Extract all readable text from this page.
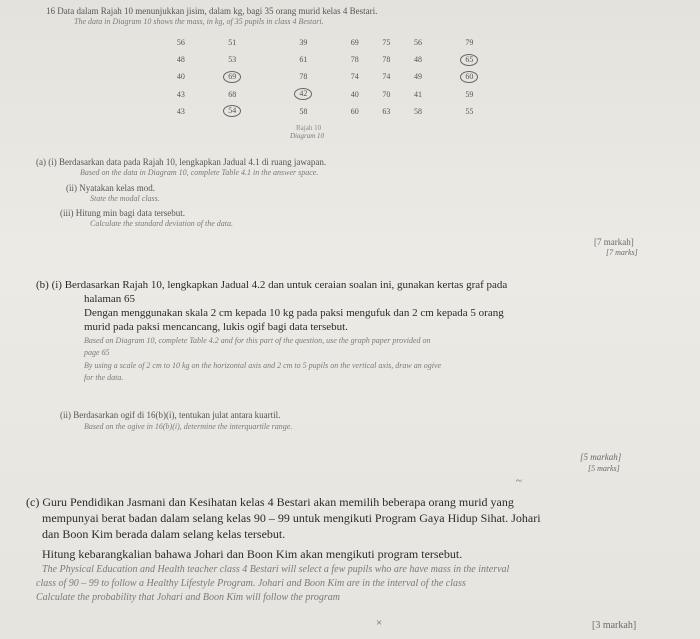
16 Data dalam Rajah 10 menunjukkan jisim, dalam kg, bagi 35 orang murid kelas 4 Bestari.
The data in Diagram 10 shows the mass, in kg, of 35 pupils in class 4 Bestari.
56	51	39	69	75	56	79
48	53	61	78	78	48	65
40	69	78	74	74	49	60
43	68	42	40	70	41	59
43	54	58	60	63	58	55
Rajah 10
Diagram 10
(a) (i) Berdasarkan data pada Rajah 10, lengkapkan Jadual 4.1 di ruang jawapan.
Based on the data in Diagram 10, complete Table 4.1 in the answer space.
(ii) Nyatakan kelas mod.
State the modal class.
(iii) Hitung min bagi data tersebut.
Calculate the standard deviation of the data.
[7 markah]
[7 marks]
(b) (i) Berdasarkan Rajah 10, lengkapkan Jadual 4.2 dan untuk ceraian soalan ini, gunakan kertas graf pada
halaman 65
Dengan menggunakan skala 2 cm kepada 10 kg pada paksi mengufuk dan 2 cm kepada 5 orang
murid pada paksi mencancang, lukis ogif bagi data tersebut.
Based on Diagram 10, complete Table 4.2 and for this part of the question, use the graph paper provided on
page 65
By using a scale of 2 cm to 10 kg on the horizontal axis and 2 cm to 5 pupils on the vertical axis, draw an ogive
for the data.
(ii) Berdasarkan ogif di 16(b)(i), tentukan julat antara kuartil.
Based on the ogive in 16(b)(i), determine the interquartile range.
[5 markah]
[5 marks]
~
(c) Guru Pendidikan Jasmani dan Kesihatan kelas 4 Bestari akan memilih beberapa orang murid yang
mempunyai berat badan dalam selang kelas 90 – 99 untuk mengikuti Program Gaya Hidup Sihat. Johari
dan Boon Kim berada dalam selang kelas tersebut.
Hitung kebarangkalian bahawa Johari dan Boon Kim akan mengikuti program tersebut.
The Physical Education and Health teacher class 4 Bestari will select a few pupils who are have mass in the interval
class of 90 – 99 to follow a Healthy Lifestyle Program. Johari and Boon Kim are in the interval of the class
Calculate the probability that Johari and Boon Kim will follow the program
[3 markah]
×
